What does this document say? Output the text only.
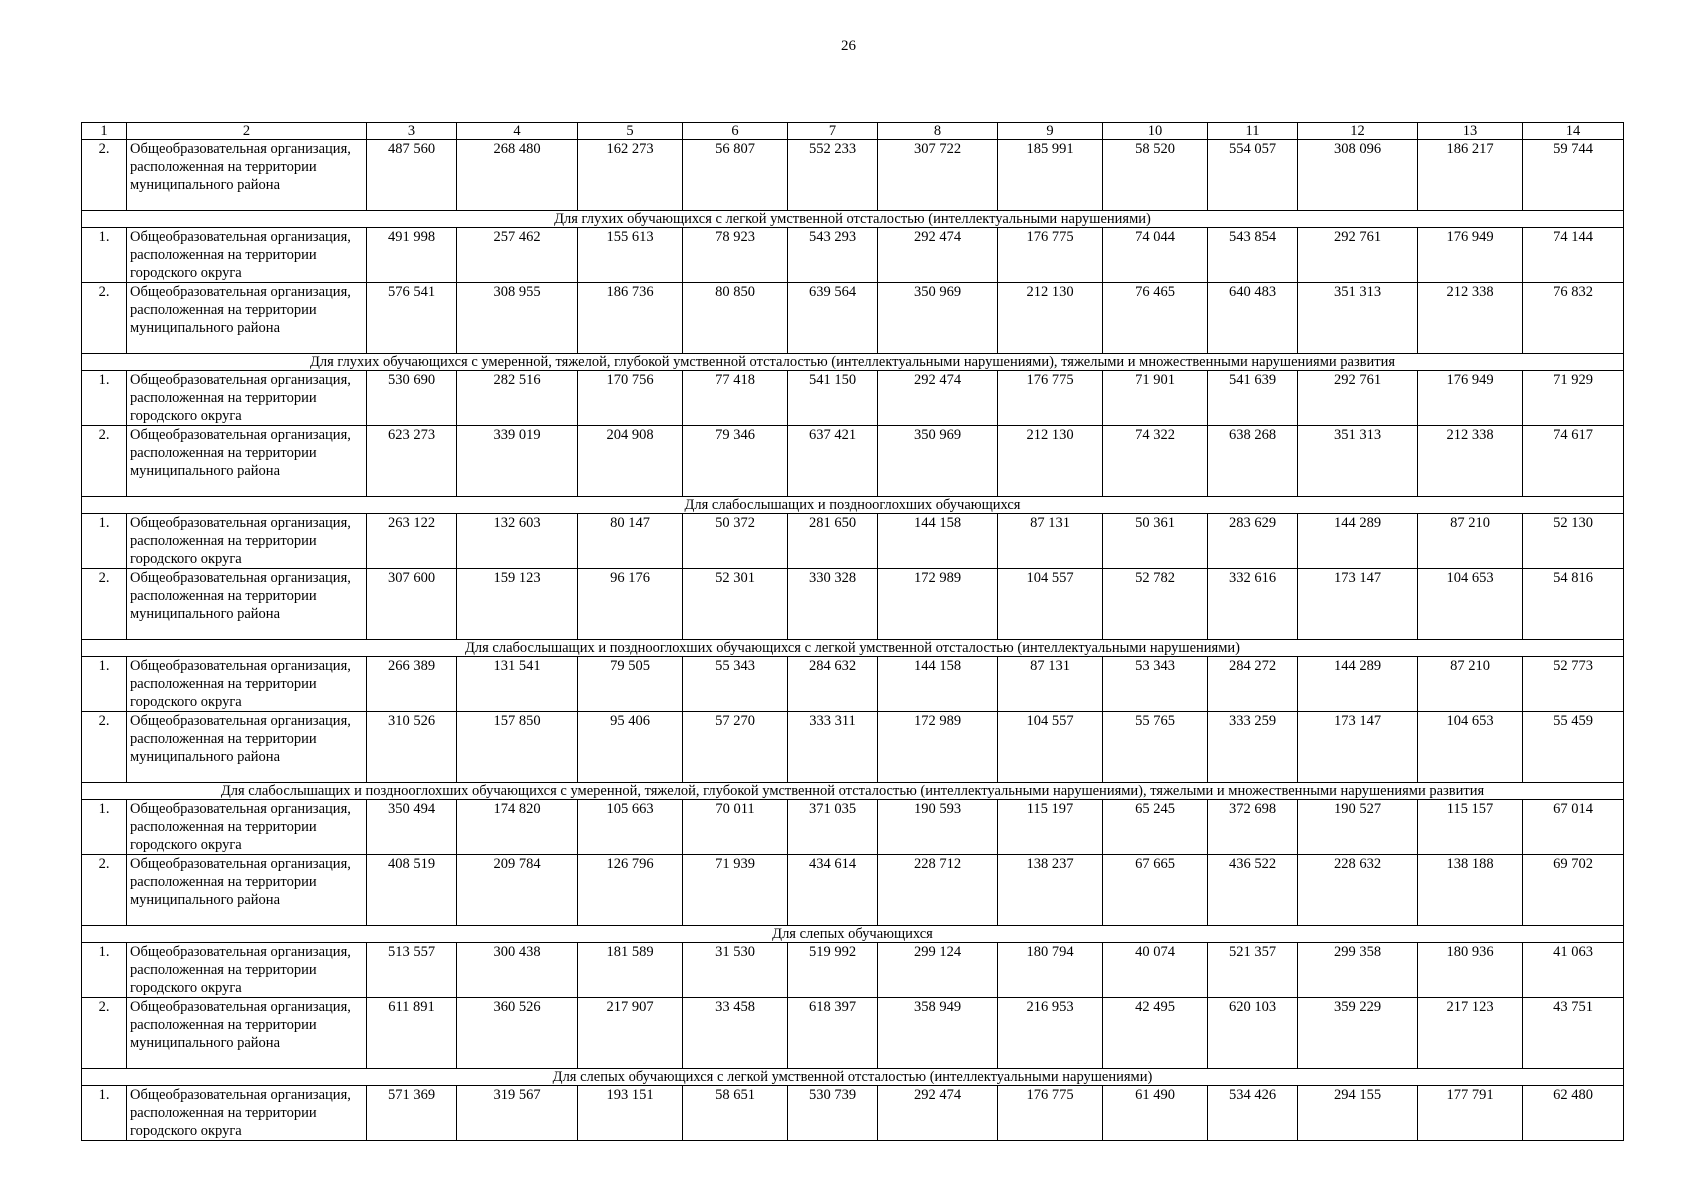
26
1	2	3	4	5	6	7	8	9	10	11	12	13	14
2.	Общеобразовательная организация, расположенная на территории муниципального района	487 560	268 480	162 273	56 807	552 233	307 722	185 991	58 520	554 057	308 096	186 217	59 744
Для глухих обучающихся с легкой умственной отсталостью (интеллектуальными нарушениями)													
1.	Общеобразовательная организация, расположенная на территории городского округа	491 998	257 462	155 613	78 923	543 293	292 474	176 775	74 044	543 854	292 761	176 949	74 144
2.	Общеобразовательная организация, расположенная на территории муниципального района	576 541	308 955	186 736	80 850	639 564	350 969	212 130	76 465	640 483	351 313	212 338	76 832
Для глухих обучающихся с умеренной, тяжелой, глубокой умственной отсталостью (интеллектуальными нарушениями), тяжелыми и множественными нарушениями развития													
1.	Общеобразовательная организация, расположенная на территории городского округа	530 690	282 516	170 756	77 418	541 150	292 474	176 775	71 901	541 639	292 761	176 949	71 929
2.	Общеобразовательная организация, расположенная на территории муниципального района	623 273	339 019	204 908	79 346	637 421	350 969	212 130	74 322	638 268	351 313	212 338	74 617
Для слабослышащих и позднооглохших обучающихся													
1.	Общеобразовательная организация, расположенная на территории городского округа	263 122	132 603	80 147	50 372	281 650	144 158	87 131	50 361	283 629	144 289	87 210	52 130
2.	Общеобразовательная организация, расположенная на территории муниципального района	307 600	159 123	96 176	52 301	330 328	172 989	104 557	52 782	332 616	173 147	104 653	54 816
Для слабослышащих и позднооглохших обучающихся с легкой умственной отсталостью (интеллектуальными нарушениями)													
1.	Общеобразовательная организация, расположенная на территории городского округа	266 389	131 541	79 505	55 343	284 632	144 158	87 131	53 343	284 272	144 289	87 210	52 773
2.	Общеобразовательная организация, расположенная на территории муниципального района	310 526	157 850	95 406	57 270	333 311	172 989	104 557	55 765	333 259	173 147	104 653	55 459
Для слабослышащих и позднооглохших обучающихся с умеренной, тяжелой, глубокой умственной отсталостью (интеллектуальными нарушениями), тяжелыми и множественными нарушениями развития													
1.	Общеобразовательная организация, расположенная на территории городского округа	350 494	174 820	105 663	70 011	371 035	190 593	115 197	65 245	372 698	190 527	115 157	67 014
2.	Общеобразовательная организация, расположенная на территории муниципального района	408 519	209 784	126 796	71 939	434 614	228 712	138 237	67 665	436 522	228 632	138 188	69 702
Для слепых обучающихся													
1.	Общеобразовательная организация, расположенная на территории городского округа	513 557	300 438	181 589	31 530	519 992	299 124	180 794	40 074	521 357	299 358	180 936	41 063
2.	Общеобразовательная организация, расположенная на территории муниципального района	611 891	360 526	217 907	33 458	618 397	358 949	216 953	42 495	620 103	359 229	217 123	43 751
Для слепых обучающихся с легкой умственной отсталостью (интеллектуальными нарушениями)													
1.	Общеобразовательная организация, расположенная на территории городского округа	571 369	319 567	193 151	58 651	530 739	292 474	176 775	61 490	534 426	294 155	177 791	62 480
